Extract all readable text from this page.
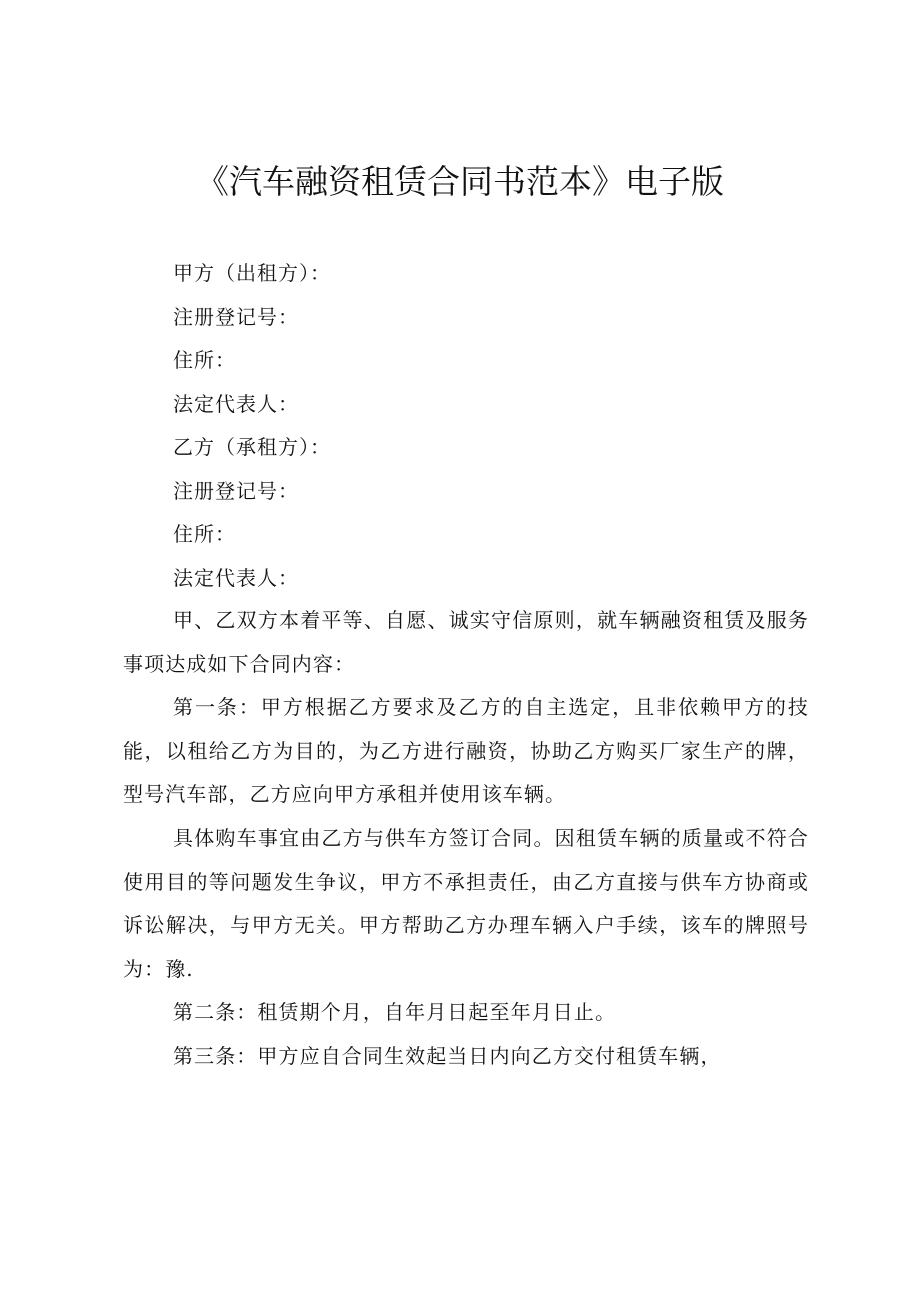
《汽车融资租赁合同书范本》电子版
甲方（出租方）：
注册登记号：
住所：
法定代表人：
乙方（承租方）：
注册登记号：
住所：
法定代表人：
甲、乙双方本着平等、自愿、诚实守信原则，就车辆融资租赁及服务事项达成如下合同内容：
第一条：甲方根据乙方要求及乙方的自主选定，且非依赖甲方的技能，以租给乙方为目的，为乙方进行融资，协助乙方购买厂家生产的牌，型号汽车部，乙方应向甲方承租并使用该车辆。
具体购车事宜由乙方与供车方签订合同。因租赁车辆的质量或不符合使用目的等问题发生争议，甲方不承担责任，由乙方直接与供车方协商或诉讼解决，与甲方无关。甲方帮助乙方办理车辆入户手续，该车的牌照号为：豫.
第二条：租赁期个月，自年月日起至年月日止。
第三条：甲方应自合同生效起当日内向乙方交付租赁车辆，
